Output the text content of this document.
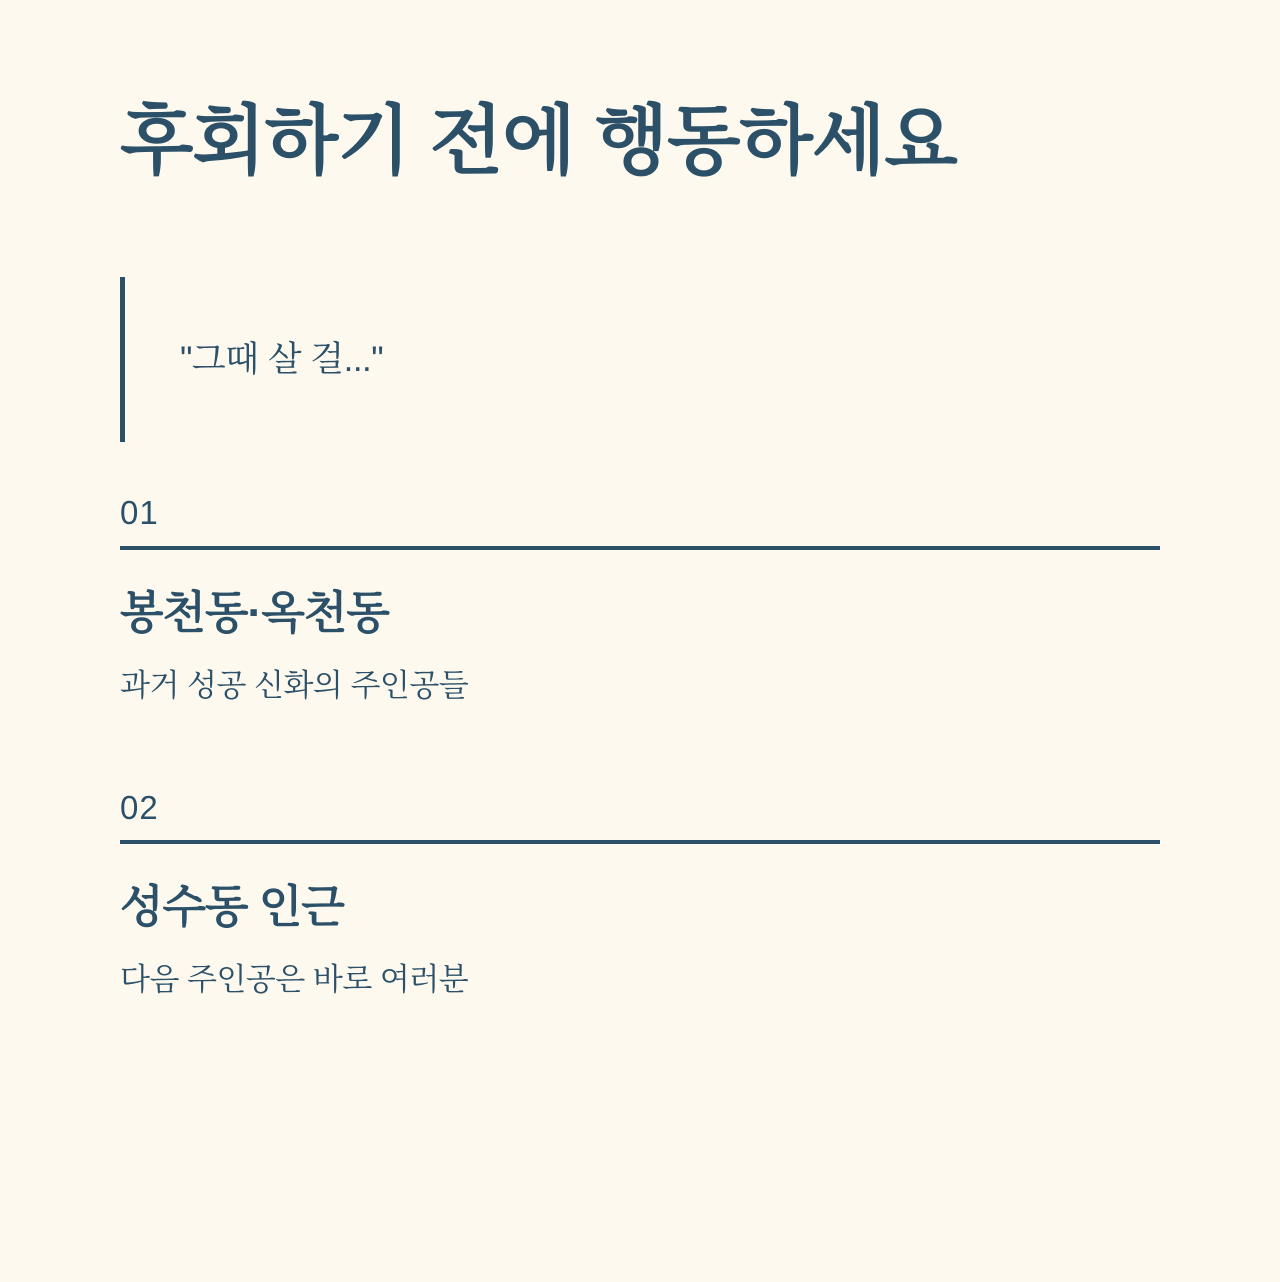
후회하기 전에 행동하세요
"그때 살 걸..."
01
봉천동·옥천동

과거 성공 신화의 주인공들

02
성수동 인근

다음 주인공은 바로 여러분
